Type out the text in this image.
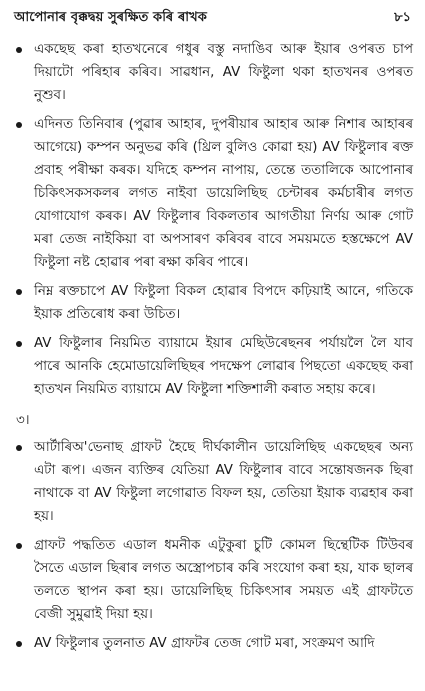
আপোনাৰ বৃক্কদ্বয় সুৰক্ষিত কৰি ৰাখক	৮১
একছেছ কৰা হাতখনেৰে গধুৰ বস্তু নদাঙিব আৰু ইয়াৰ ওপৰত চাপ দিয়াটো পৰিহাৰ কৰিব। সাৱধান, AV ফিষ্টুলা থকা হাতখনৰ ওপৰত নুশুব।
এদিনত তিনিবাৰ (পুৱাৰ আহাৰ, দুপৰীয়াৰ আহাৰ আৰু নিশাৰ আহাৰৰ আগেয়ে) কম্পন অনুভৱ কৰি (থ্রিল বুলিও কোৱা হয়) AV ফিষ্টুলাৰ ৰক্ত প্ৰবাহ পৰীক্ষা কৰক। যদিহে কম্পন নাপায়, তেন্তে ততালিকে আপোনাৰ চিকিৎসকসকলৰ লগত নাইবা ডায়েলিছিছ চেন্টাৰৰ কৰ্মচাৰীৰ লগত যোগাযোগ কৰক। AV ফিষ্টুলাৰ বিকলতাৰ আগতীয়া নিৰ্ণয় আৰু গোট মৰা তেজ নাইকিয়া বা অপসাৰণ কৰিবৰ বাবে সময়মতে হস্তক্ষেপে AV ফিষ্টুলা নষ্ট হোৱাৰ পৰা ৰক্ষা কৰিব পাৰে।
নিম্ন ৰক্তচাপে AV ফিষ্টুলা বিকল হোৱাৰ বিপদে কঢ়িয়াই আনে, গতিকে ইয়াক প্ৰতিৰোধ কৰা উচিত।
AV ফিষ্টুলাৰ নিয়মিত ব্যায়ামে ইয়াৰ মেছিউৰেছনৰ পৰ্যায়লৈ লৈ যাব পাৰে আনকি হেমোডায়েলিছিছৰ পদক্ষেপ লোৱাৰ পিছতো একছেছ কৰা হাতখন নিয়মিত ব্যায়ামে AV ফিষ্টুলা শক্তিশালী কৰাত সহায় কৰে।
৩।
আৰ্টাৰিঅ'ভেনাছ গ্ৰাফট হৈছে দীৰ্ঘকালীন ডায়েলিছিছ একছেছৰ অন্য এটা ৰূপ। এজন ব্যক্তিৰ যেতিয়া AV ফিষ্টুলাৰ বাবে সন্তোষজনক ছিৰা নাথাকে বা AV ফিষ্টুলা লগোৱাত বিফল হয়, তেতিয়া ইয়াক ব্যৱহাৰ কৰা হয়।
গ্ৰাফট পদ্ধতিত এডাল ধমনীক এটুকুৰা চুটি কোমল ছিন্থেটিক টিউবৰ সৈতে এডাল ছিৰাৰ লগত অস্ত্ৰোপচাৰ কৰি সংযোগ কৰা হয়, যাক ছালৰ তলতে স্থাপন কৰা হয়। ডায়েলিছিছ চিকিৎসাৰ সময়ত এই গ্ৰাফটতে বেজী সুমুৱাই দিয়া হয়।
AV ফিষ্টুলাৰ তুলনাত AV গ্ৰাফটৰ তেজ গোট মৰা, সংক্ৰমণ আদি
